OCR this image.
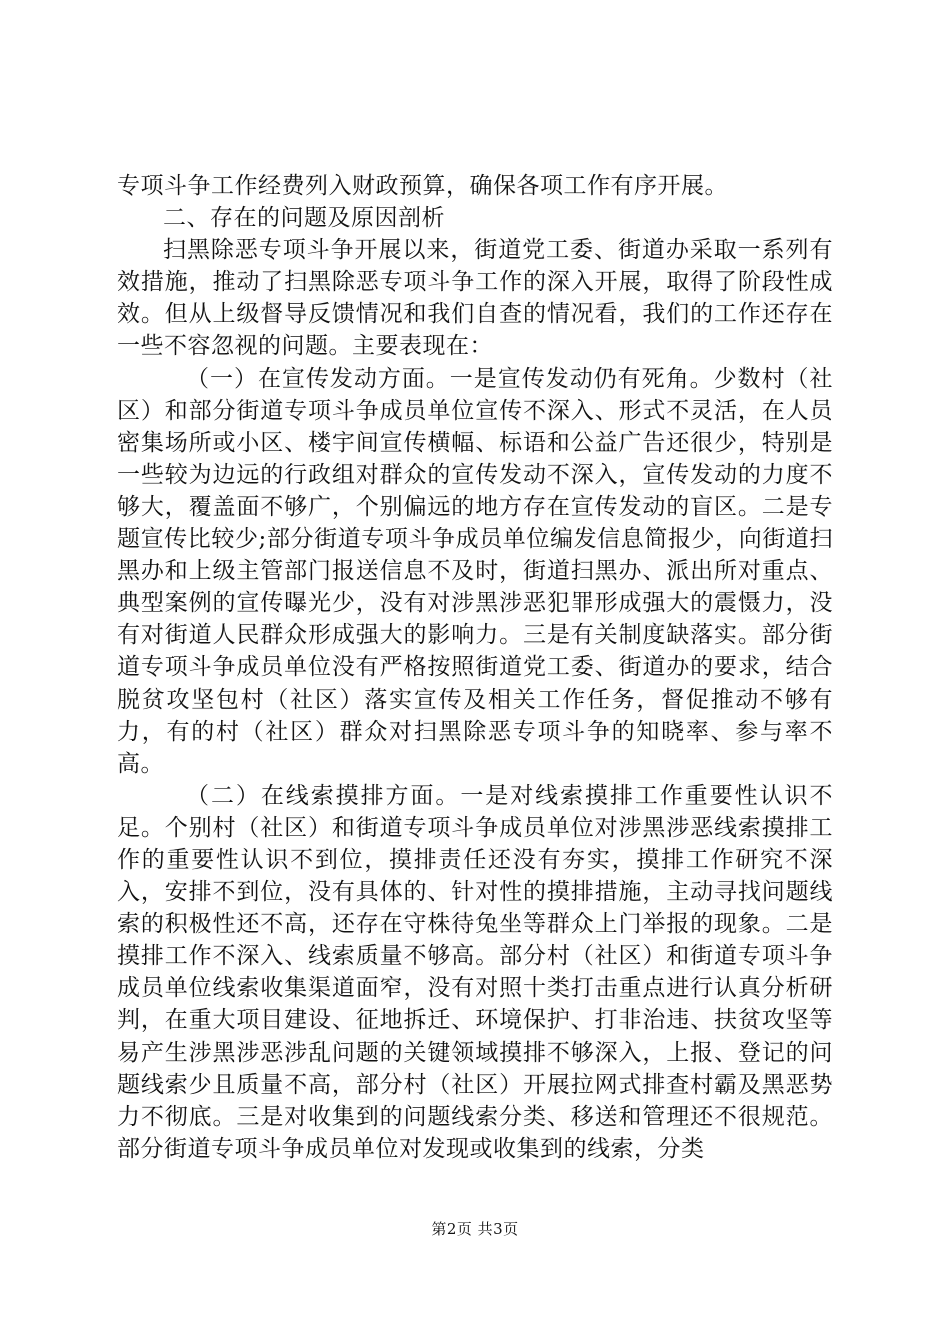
专项斗争工作经费列入财政预算，确保各项工作有序开展。

二、存在的问题及原因剖析

扫黑除恶专项斗争开展以来，街道党工委、街道办采取一系列有效措施，推动了扫黑除恶专项斗争工作的深入开展，取得了阶段性成效。但从上级督导反馈情况和我们自查的情况看，我们的工作还存在一些不容忽视的问题。主要表现在：

（一）在宣传发动方面。一是宣传发动仍有死角。少数村（社区）和部分街道专项斗争成员单位宣传不深入、形式不灵活，在人员密集场所或小区、楼宇间宣传横幅、标语和公益广告还很少，特别是一些较为边远的行政组对群众的宣传发动不深入，宣传发动的力度不够大，覆盖面不够广，个别偏远的地方存在宣传发动的盲区。二是专题宣传比较少;部分街道专项斗争成员单位编发信息简报少，向街道扫黑办和上级主管部门报送信息不及时，街道扫黑办、派出所对重点、典型案例的宣传曝光少，没有对涉黑涉恶犯罪形成强大的震慑力，没有对街道人民群众形成强大的影响力。三是有关制度缺落实。部分街道专项斗争成员单位没有严格按照街道党工委、街道办的要求，结合脱贫攻坚包村（社区）落实宣传及相关工作任务，督促推动不够有力，有的村（社区）群众对扫黑除恶专项斗争的知晓率、参与率不高。

（二）在线索摸排方面。一是对线索摸排工作重要性认识不足。个别村（社区）和街道专项斗争成员单位对涉黑涉恶线索摸排工作的重要性认识不到位，摸排责任还没有夯实，摸排工作研究不深入，安排不到位，没有具体的、针对性的摸排措施，主动寻找问题线索的积极性还不高，还存在守株待兔坐等群众上门举报的现象。二是摸排工作不深入、线索质量不够高。部分村（社区）和街道专项斗争成员单位线索收集渠道面窄，没有对照十类打击重点进行认真分析研判，在重大项目建设、征地拆迁、环境保护、打非治违、扶贫攻坚等易产生涉黑涉恶涉乱问题的关键领域摸排不够深入，上报、登记的问题线索少且质量不高，部分村（社区）开展拉网式排查村霸及黑恶势力不彻底。三是对收集到的问题线索分类、移送和管理还不很规范。部分街道专项斗争成员单位对发现或收集到的线索，分类

第2页 共3页
